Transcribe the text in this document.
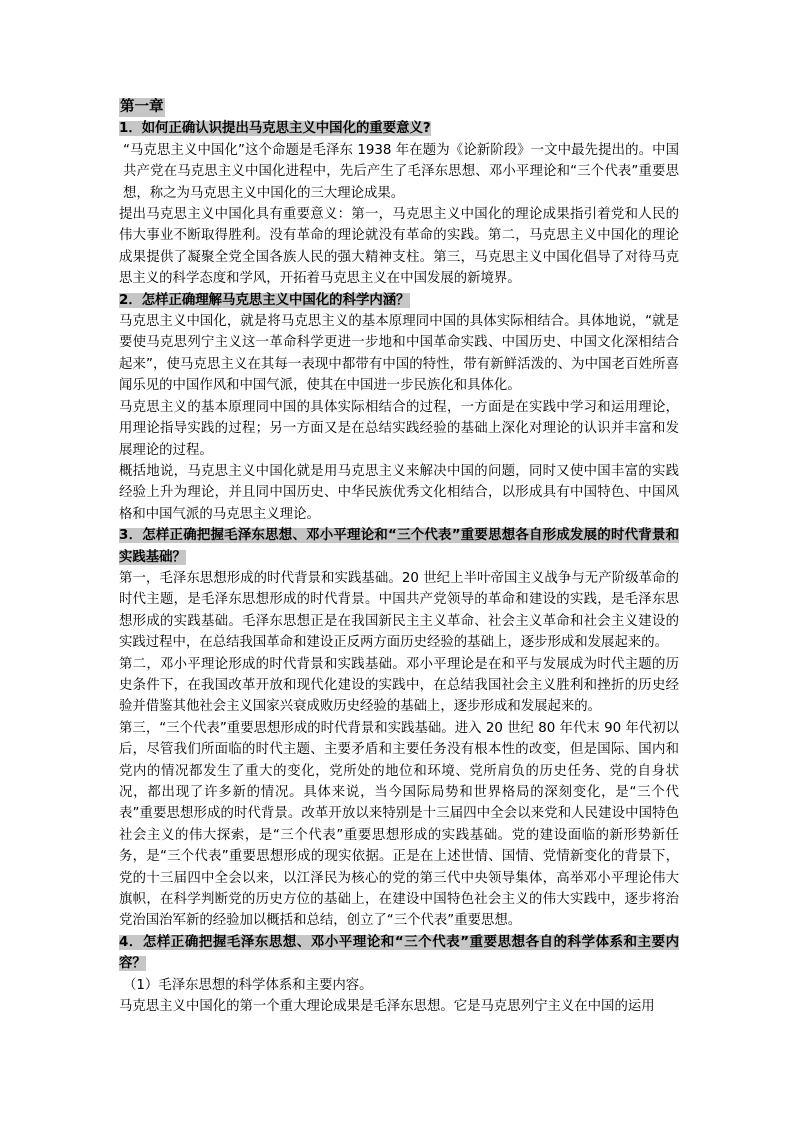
第一章
1．如何正确认识提出马克思主义中国化的重要意义?

“马克思主义中国化”这个命题是毛泽东 1938 年在题为《论新阶段》一文中最先提出的。中国共产党在马克思主义中国化进程中，先后产生了毛泽东思想、邓小平理论和“三个代表”重要思想，称之为马克思主义中国化的三大理论成果。

提出马克思主义中国化具有重要意义：第一，马克思主义中国化的理论成果指引着党和人民的伟大事业不断取得胜利。没有革命的理论就没有革命的实践。第二，马克思主义中国化的理论成果提供了凝聚全党全国各族人民的强大精神支柱。第三，马克思主义中国化倡导了对待马克思主义的科学态度和学风，开拓着马克思主义在中国发展的新境界。

2．怎样正确理解马克思主义中国化的科学内涵？

马克思主义中国化，就是将马克思主义的基本原理同中国的具体实际相结合。具体地说，“就是要使马克思列宁主义这一革命科学更进一步地和中国革命实践、中国历史、中国文化深相结合起来”，使马克思主义在其每一表现中都带有中国的特性，带有新鲜活泼的、为中国老百姓所喜闻乐见的中国作风和中国气派，使其在中国进一步民族化和具体化。

马克思主义的基本原理同中国的具体实际相结合的过程，一方面是在实践中学习和运用理论，用理论指导实践的过程；另一方面又是在总结实践经验的基础上深化对理论的认识并丰富和发展理论的过程。

概括地说，马克思主义中国化就是用马克思主义来解决中国的问题，同时又使中国丰富的实践经验上升为理论，并且同中国历史、中华民族优秀文化相结合，以形成具有中国特色、中国风格和中国气派的马克思主义理论。

3．怎样正确把握毛泽东思想、邓小平理论和“三个代表”重要思想各自形成发展的时代背景和实践基础？

第一，毛泽东思想形成的时代背景和实践基础。20 世纪上半叶帝国主义战争与无产阶级革命的时代主题，是毛泽东思想形成的时代背景。中国共产党领导的革命和建设的实践，是毛泽东思想形成的实践基础。毛泽东思想正是在我国新民主主义革命、社会主义革命和社会主义建设的实践过程中，在总结我国革命和建设正反两方面历史经验的基础上，逐步形成和发展起来的。

第二，邓小平理论形成的时代背景和实践基础。邓小平理论是在和平与发展成为时代主题的历史条件下，在我国改革开放和现代化建设的实践中，在总结我国社会主义胜利和挫折的历史经验并借鉴其他社会主义国家兴衰成败历史经验的基础上，逐步形成和发展起来的。

第三，“三个代表”重要思想形成的时代背景和实践基础。进入 20 世纪 80 年代末 90 年代初以后，尽管我们所面临的时代主题、主要矛盾和主要任务没有根本性的改变，但是国际、国内和党内的情况都发生了重大的变化，党所处的地位和环境、党所肩负的历史任务、党的自身状况，都出现了许多新的情况。具体来说，当今国际局势和世界格局的深刻变化，是“三个代表”重要思想形成的时代背景。改革开放以来特别是十三届四中全会以来党和人民建设中国特色社会主义的伟大探索，是“三个代表”重要思想形成的实践基础。党的建设面临的新形势新任务，是“三个代表”重要思想形成的现实依据。正是在上述世情、国情、党情新变化的背景下，党的十三届四中全会以来，以江泽民为核心的党的第三代中央领导集体，高举邓小平理论伟大旗帜，在科学判断党的历史方位的基础上，在建设中国特色社会主义的伟大实践中，逐步将治党治国治军新的经验加以概括和总结，创立了“三个代表”重要思想。

4．怎样正确把握毛泽东思想、邓小平理论和“三个代表”重要思想各自的科学体系和主要内容？

（1）毛泽东思想的科学体系和主要内容。

马克思主义中国化的第一个重大理论成果是毛泽东思想。它是马克思列宁主义在中国的运用
